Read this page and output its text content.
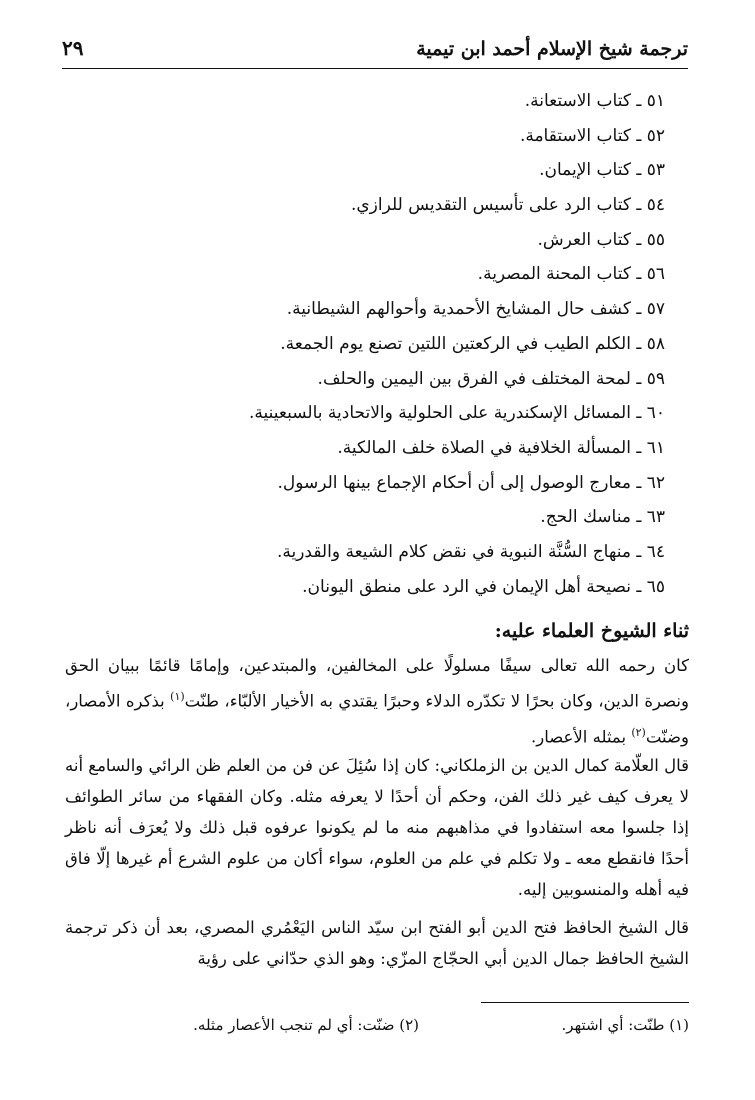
ترجمة شيخ الإسلام أحمد ابن تيمية
٢٩
٥١ ـ كتاب الاستعانة.
٥٢ ـ كتاب الاستقامة.
٥٣ ـ كتاب الإيمان.
٥٤ ـ كتاب الرد على تأسيس التقديس للرازي.
٥٥ ـ كتاب العرش.
٥٦ ـ كتاب المحنة المصرية.
٥٧ ـ كشف حال المشايخ الأحمدية وأحوالهم الشيطانية.
٥٨ ـ الكلم الطيب في الركعتين اللتين تصنع يوم الجمعة.
٥٩ ـ لمحة المختلف في الفرق بين اليمين والحلف.
٦٠ ـ المسائل الإسكندرية على الحلولية والاتحادية بالسبعينية.
٦١ ـ المسألة الخلافية في الصلاة خلف المالكية.
٦٢ ـ معارج الوصول إلى أن أحكام الإجماع بينها الرسول.
٦٣ ـ مناسك الحج.
٦٤ ـ منهاج السُّنَّة النبوية في نقض كلام الشيعة والقدرية.
٦٥ ـ نصيحة أهل الإيمان في الرد على منطق اليونان.
ثناء الشيوخ العلماء عليه:

كان رحمه الله تعالى سيفًا مسلولًا على المخالفين، والمبتدعين، وإمامًا قائمًا ببيان الحق ونصرة الدين، وكان بحرًا لا تكدّره الدلاء وحبرًا يقتدي به الأخيار الألبّاء، طنّت$^{(١)}$ بذكره الأمصار، وضنّت$^{(٢)}$ بمثله الأعصار.

قال العلّامة كمال الدين بن الزملكاني: كان إذا سُئِلَ عن فن من العلم ظن الرائي والسامع أنه لا يعرف كيف غير ذلك الفن، وحكم أن أحدًا لا يعرفه مثله. وكان الفقهاء من سائر الطوائف إذا جلسوا معه استفادوا في مذاهبهم منه ما لم يكونوا عرفوه قبل ذلك ولا يُعرَف أنه ناظر أحدًا فانقطع معه ـ ولا تكلم في علم من العلوم، سواء أكان من علوم الشرع أم غيرها إلّا فاق فيه أهله والمنسوبين إليه.

قال الشيخ الحافظ فتح الدين أبو الفتح ابن سيّد الناس اليَعْمُري المصري، بعد أن ذكر ترجمة الشيخ الحافظ جمال الدين أبي الحجّاج المزّي: وهو الذي حدّاني على رؤية

(١) طنّت: أي اشتهر.
(٢) ضنّت: أي لم تنجب الأعصار مثله.
